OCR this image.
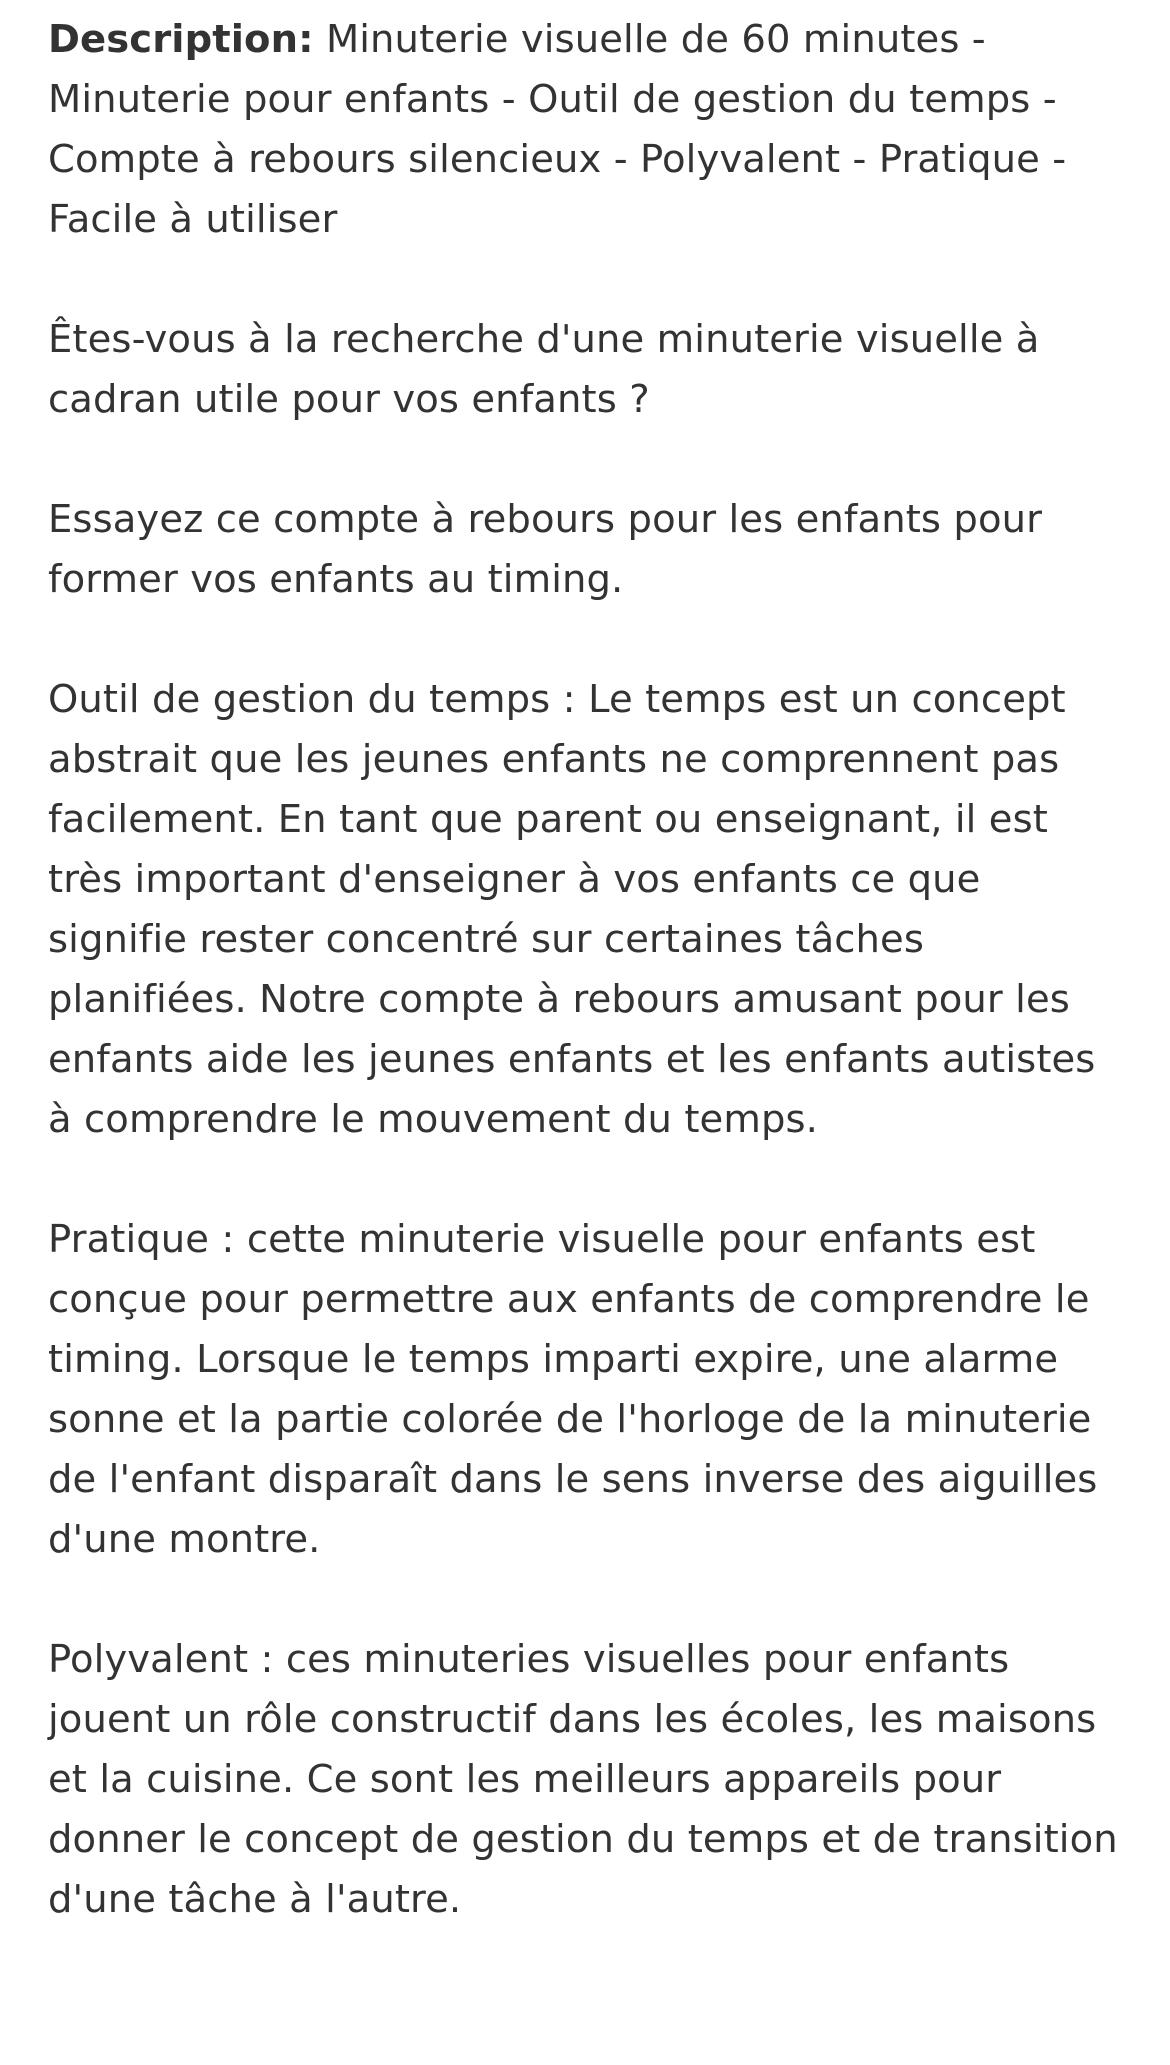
Description: Minuterie visuelle de 60 minutes - Minuterie pour enfants - Outil de gestion du temps - Compte à rebours silencieux - Polyvalent - Pratique - Facile à utiliser

Êtes-vous à la recherche d'une minuterie visuelle à cadran utile pour vos enfants ?

Essayez ce compte à rebours pour les enfants pour former vos enfants au timing.

Outil de gestion du temps : Le temps est un concept abstrait que les jeunes enfants ne comprennent pas facilement. En tant que parent ou enseignant, il est très important d'enseigner à vos enfants ce que signifie rester concentré sur certaines tâches planifiées. Notre compte à rebours amusant pour les enfants aide les jeunes enfants et les enfants autistes à comprendre le mouvement du temps.

Pratique : cette minuterie visuelle pour enfants est conçue pour permettre aux enfants de comprendre le timing. Lorsque le temps imparti expire, une alarme sonne et la partie colorée de l'horloge de la minuterie de l'enfant disparaît dans le sens inverse des aiguilles d'une montre.

Polyvalent : ces minuteries visuelles pour enfants jouent un rôle constructif dans les écoles, les maisons et la cuisine. Ce sont les meilleurs appareils pour donner le concept de gestion du temps et de transition d'une tâche à l'autre.
